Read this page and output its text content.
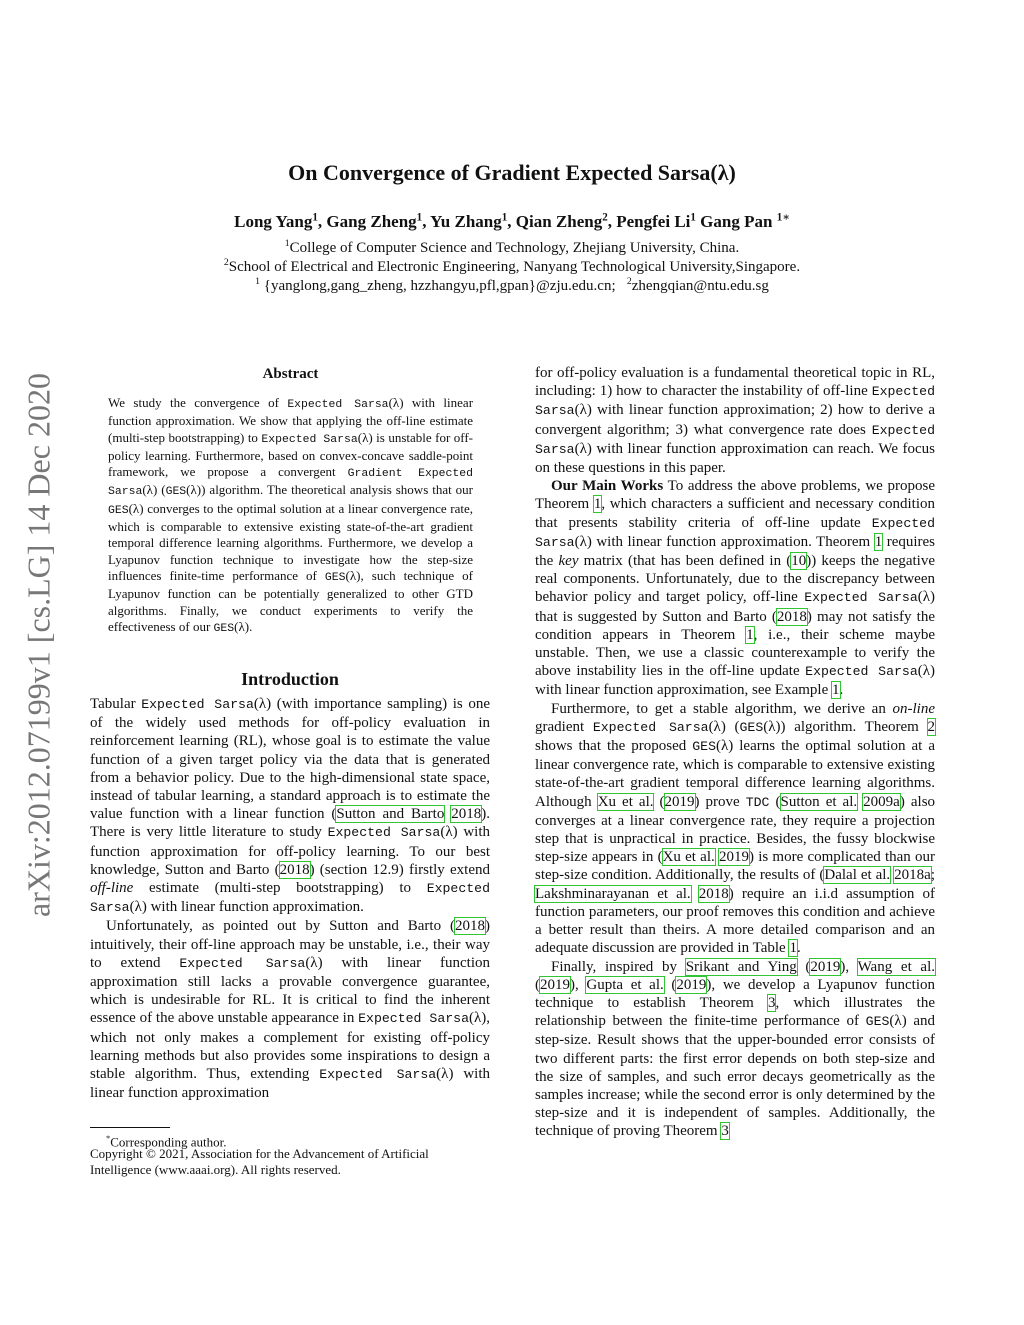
On Convergence of Gradient Expected Sarsa(λ)
Long Yang$^1$, Gang Zheng$^1$, Yu Zhang$^1$, Qian Zheng$^2$, Pengfei Li$^1$ Gang Pan $^{1∗}$
$^1$College of Computer Science and Technology, Zhejiang University, China.
$^2$School of Electrical and Electronic Engineering, Nanyang Technological University,Singapore.
$^1$ {yanglong,gang_zheng, hzzhangyu,pfl,gpan}@zju.edu.cn; $^2$zhengqian@ntu.edu.sg
arXiv:2012.07199v1 [cs.LG] 14 Dec 2020	Abstract
We study the convergence of Expected Sarsa(λ) with linear function approximation. We show that applying the off-line estimate (multi-step bootstrapping) to Expected Sarsa(λ) is unstable for off-policy learning. Furthermore, based on convex-concave saddle-point framework, we propose a convergent Gradient Expected Sarsa(λ) (GES(λ)) algorithm. The theoretical analysis shows that our GES(λ) converges to the optimal solution at a linear convergence rate, which is comparable to extensive existing state-of-the-art gradient temporal difference learning algorithms. Furthermore, we develop a Lyapunov function technique to investigate how the step-size influences finite-time performance of GES(λ), such technique of Lyapunov function can be potentially generalized to other GTD algorithms. Finally, we conduct experiments to verify the effectiveness of our GES(λ).
Introduction

Tabular Expected Sarsa(λ) (with importance sampling) is one of the widely used methods for off-policy evaluation in reinforcement learning (RL), whose goal is to estimate the value function of a given target policy via the data that is generated from a behavior policy. Due to the high-dimensional state space, instead of tabular learning, a standard approach is to estimate the value function with a linear function (Sutton and Barto 2018). There is very little literature to study Expected Sarsa(λ) with function approximation for off-policy learning. To our best knowledge, Sutton and Barto (2018) (section 12.9) firstly extend off-line estimate (multi-step bootstrapping) to Expected Sarsa(λ) with linear function approximation.

Unfortunately, as pointed out by Sutton and Barto (2018) intuitively, their off-line approach may be unstable, i.e., their way to extend Expected Sarsa(λ) with linear function approximation still lacks a provable convergence guarantee, which is undesirable for RL. It is critical to find the inherent essence of the above unstable appearance in Expected Sarsa(λ), which not only makes a complement for existing off-policy learning methods but also provides some inspirations to design a stable algorithm. Thus, extending Expected Sarsa(λ) with linear function approximation

*Corresponding author.
Copyright © 2021, Association for the Advancement of Artificial Intelligence (www.aaai.org). All rights reserved.

for off-policy evaluation is a fundamental theoretical topic in RL, including: 1) how to character the instability of off-line Expected Sarsa(λ) with linear function approximation; 2) how to derive a convergent algorithm; 3) what convergence rate does Expected Sarsa(λ) with linear function approximation can reach. We focus on these questions in this paper.

Our Main Works To address the above problems, we propose Theorem 1, which characters a sufficient and necessary condition that presents stability criteria of off-line update Expected Sarsa(λ) with linear function approximation. Theorem 1 requires the key matrix (that has been defined in (10)) keeps the negative real components. Unfortunately, due to the discrepancy between behavior policy and target policy, off-line Expected Sarsa(λ) that is suggested by Sutton and Barto (2018) may not satisfy the condition appears in Theorem 1, i.e., their scheme maybe unstable. Then, we use a classic counterexample to verify the above instability lies in the off-line update Expected Sarsa(λ) with linear function approximation, see Example 1.

Furthermore, to get a stable algorithm, we derive an on-line gradient Expected Sarsa(λ) (GES(λ)) algorithm. Theorem 2 shows that the proposed GES(λ) learns the optimal solution at a linear convergence rate, which is comparable to extensive existing state-of-the-art gradient temporal difference learning algorithms. Although Xu et al. (2019) prove TDC (Sutton et al. 2009a) also converges at a linear convergence rate, they require a projection step that is unpractical in practice. Besides, the fussy blockwise step-size appears in (Xu et al. 2019) is more complicated than our step-size condition. Additionally, the results of (Dalal et al. 2018a; Lakshminarayanan et al. 2018) require an i.i.d assumption of function parameters, our proof removes this condition and achieve a better result than theirs. A more detailed comparison and an adequate discussion are provided in Table 1.

Finally, inspired by Srikant and Ying (2019), Wang et al. (2019), Gupta et al. (2019), we develop a Lyapunov function technique to establish Theorem 3, which illustrates the relationship between the finite-time performance of GES(λ) and step-size. Result shows that the upper-bounded error consists of two different parts: the first error depends on both step-size and the size of samples, and such error decays geometrically as the samples increase; while the second error is only determined by the step-size and it is independent of samples. Additionally, the technique of proving Theorem 3
